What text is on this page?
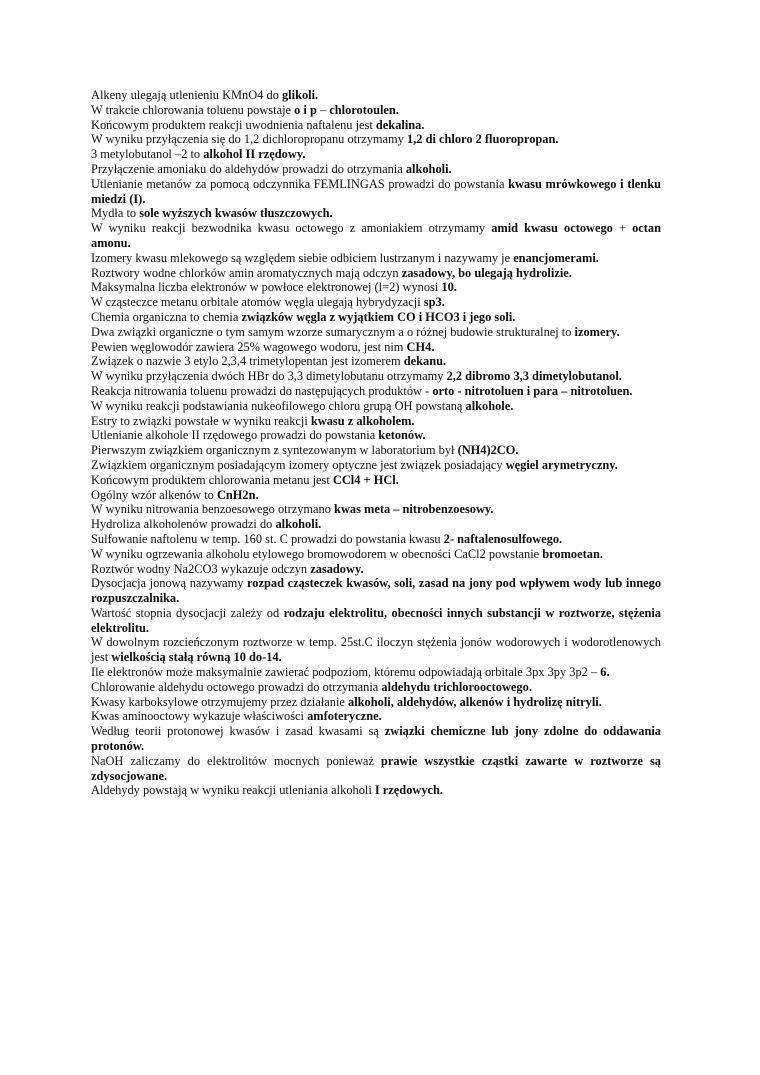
Alkeny ulegają utlenieniu KMnO4 do glikoli.

W trakcie chlorowania toluenu powstaje o i p – chlorotoulen.

Końcowym produktem reakcji uwodnienia naftalenu jest dekalina.

W wyniku przyłączenia się do 1,2 dichloropropanu otrzymamy 1,2 di chloro 2 fluoropropan.

3 metylobutanol –2 to alkohol II rzędowy.

Przyłączenie amoniaku do aldehydów prowadzi do otrzymania alkoholi.

Utlenianie metanów za pomocą odczynnika FEMLINGAS prowadzi do powstania kwasu mrówkowego i tlenku miedzi (I).

Mydła to sole wyższych kwasów tłuszczowych.

W wyniku reakcji bezwodnika kwasu octowego z amoniakiem otrzymamy amid kwasu octowego + octan amonu.

Izomery kwasu mlekowego są względem siebie odbiciem lustrzanym i nazywamy je enancjomerami.

Roztwory wodne chlorków amin aromatycznych mają odczyn zasadowy, bo ulegają hydrolizie.

Maksymalna liczba elektronów w powłoce elektronowej (l=2) wynosi 10.

W cząsteczce metanu orbitale atomów węgla ulegają hybrydyzacji sp3.

Chemia organiczna to chemia związków węgla z wyjątkiem CO i HCO3 i jego soli.

Dwa związki organiczne o tym samym wzorze sumarycznym a o różnej budowie strukturalnej to izomery.

Pewien węglowodór zawiera 25% wagowego wodoru, jest nim CH4.

Związek o nazwie 3 etylo 2,3,4 trimetylopentan jest izomerem dekanu.

W wyniku przyłączenia dwóch HBr do 3,3 dimetylobutanu otrzymamy 2,2 dibromo 3,3 dimetylobutanol.

Reakcja nitrowania toluenu prowadzi do następujących produktów - orto - nitrotoluen i para – nitrotoluen.

W wyniku reakcji podstawiania nukeofilowego chloru grupą OH powstaną alkohole.

Estry to związki powstałe w wyniku reakcji kwasu z alkoholem.

Utlenianie alkohole II rzędowego prowadzi do powstania ketonów.

Pierwszym związkiem organicznym z syntezowanym w laboratorium był (NH4)2CO.

Związkiem organicznym posiadającym izomery optyczne jest związek posiadający węgiel arymetryczny.

Końcowym produktem chlorowania metanu jest CCl4 + HCl.

Ogólny wzór alkenów to CnH2n.

W wyniku nitrowania benzoesowego otrzymano kwas meta – nitrobenzoesowy.

Hydroliza alkoholenów prowadzi do alkoholi.

Sulfowanie naftolenu w temp. 160 st. C prowadzi do powstania kwasu 2- naftalenosulfowego.

W wyniku ogrzewania alkoholu etylowego bromowodorem w obecności CaCl2 powstanie bromoetan.

Roztwór wodny Na2CO3 wykazuje odczyn zasadowy.

Dysocjacja jonową nazywamy rozpad cząsteczek kwasów, soli, zasad na jony pod wpływem wody lub innego rozpuszczalnika.

Wartość stopnia dysocjacji zależy od rodzaju elektrolitu, obecności innych substancji w roztworze, stężenia elektrolitu.

W dowolnym rozcieńczonym roztworze w temp. 25st.C iloczyn stężenia jonów wodorowych i wodorotlenowych jest wielkością stałą równą 10 do-14.

Ile elektronów może maksymalnie zawierać podpoziom, któremu odpowiadają orbitale 3px 3py 3p2 – 6.

Chlorowanie aldehydu octowego prowadzi do otrzymania aldehydu trichlorooctowego.

Kwasy karboksylowe otrzymujemy przez działanie alkoholi, aldehydów, alkenów i hydrolizę nitryli.

Kwas aminooctowy wykazuje właściwości amfoteryczne.

Według teorii protonowej kwasów i zasad kwasami są związki chemiczne lub jony zdolne do oddawania protonów.

NaOH zaliczamy do elektrolitów mocnych ponieważ prawie wszystkie cząstki zawarte w roztworze są zdysocjowane.

Aldehydy powstają w wyniku reakcji utleniania alkoholi I rzędowych.
